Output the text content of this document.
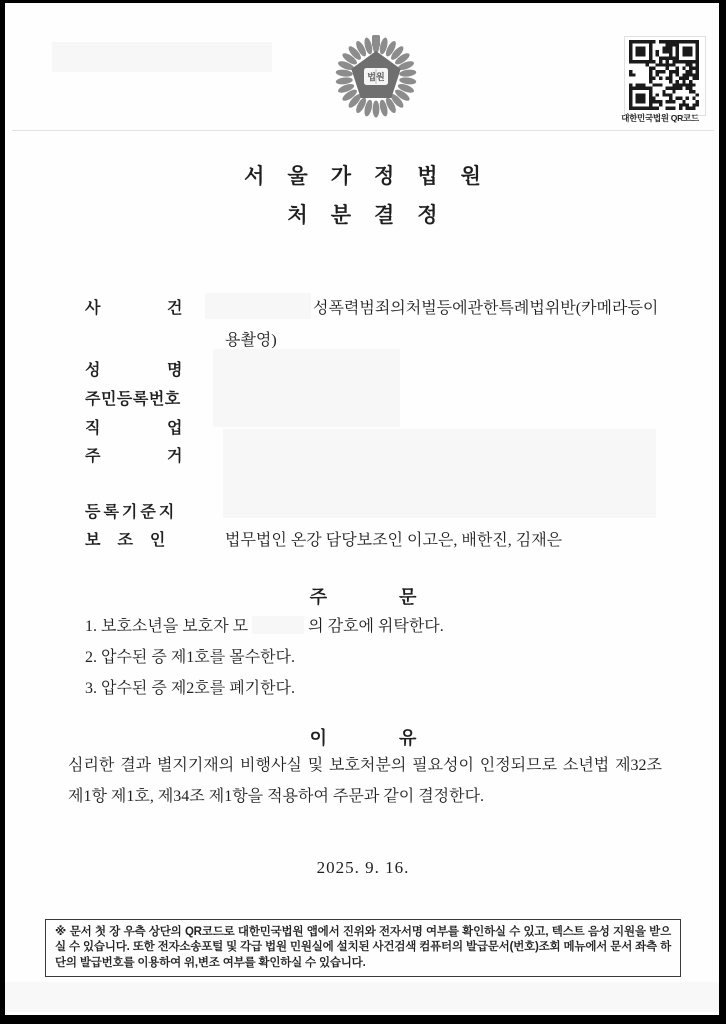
법원
대한민국법원 QR코드
서　울　가　정　법　원
처　분　결　정
사　　　　건	성폭력범죄의처벌등에관한특례법위반(카메라등이
용촬영)
성　　　　명
주민등록번호
직　　　　업
주　　　　거
등록기준지
보　조　인	법무법인 온강 담당보조인 이고은, 배한진, 김재은
주　　　　문
1. 보호소년을 보호자 모	의 감호에 위탁한다.
2. 압수된 증 제1호를 몰수한다.
3. 압수된 증 제2호를 폐기한다.
이　　　　유
심리한 결과 별지기재의 비행사실 및 보호처분의 필요성이 인정되므로 소년법 제32조
제1항 제1호, 제34조 제1항을 적용하여 주문과 같이 결정한다.
2025. 9. 16.
※ 문서 첫 장 우측 상단의 QR코드로 대한민국법원 앱에서 진위와 전자서명 여부를 확인하실 수 있고, 텍스트 음성 지원을 받으실 수 있습니다. 또한 전자소송포털 및 각급 법원 민원실에 설치된 사건검색 컴퓨터의 발급문서(번호)조회 메뉴에서 문서 좌측 하단의 발급번호를 이용하여 위,변조 여부를 확인하실 수 있습니다.
